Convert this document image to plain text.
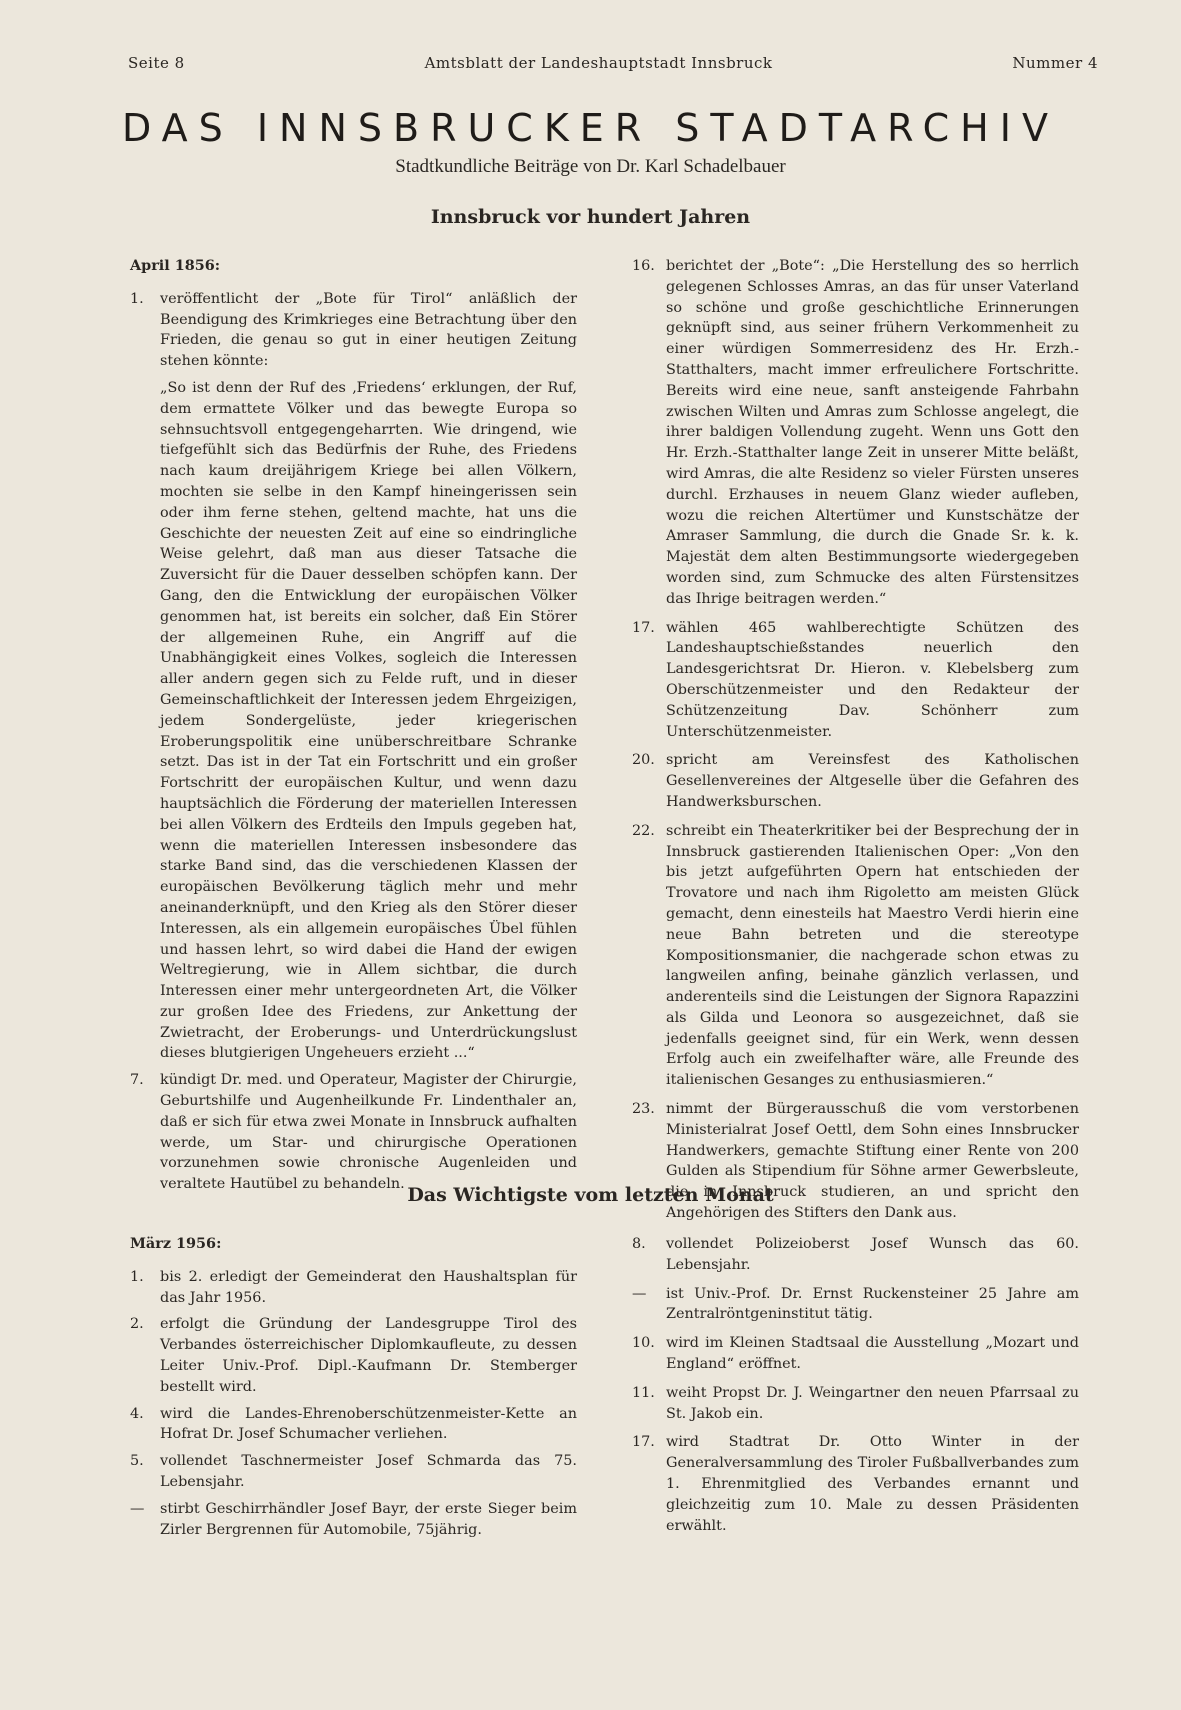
Seite 8	Amtsblatt der Landeshauptstadt Innsbruck	Nummer 4
DAS INNSBRUCKER STADTARCHIV
Stadtkundliche Beiträge von Dr. Karl Schadelbauer
Innsbruck vor hundert Jahren
April 1856:
1.	veröffentlicht der „Bote für Tirol“ anläßlich der Beendigung des Krimkrieges eine Betrachtung über den Frieden, die genau so gut in einer heutigen Zeitung stehen könnte:
„So ist denn der Ruf des ‚Friedens‘ erklungen, der Ruf, dem ermattete Völker und das bewegte Europa so sehnsuchtsvoll entgegengeharrten. Wie dringend, wie tiefgefühlt sich das Bedürfnis der Ruhe, des Friedens nach kaum dreijährigem Kriege bei allen Völkern, mochten sie selbe in den Kampf hineingerissen sein oder ihm ferne stehen, geltend machte, hat uns die Geschichte der neuesten Zeit auf eine so eindringliche Weise gelehrt, daß man aus dieser Tatsache die Zuversicht für die Dauer desselben schöpfen kann. Der Gang, den die Entwicklung der europäischen Völker genommen hat, ist bereits ein solcher, daß Ein Störer der allgemeinen Ruhe, ein Angriff auf die Unabhängigkeit eines Volkes, sogleich die Interessen aller andern gegen sich zu Felde ruft, und in dieser Gemeinschaftlichkeit der Interessen jedem Ehrgeizigen, jedem Sondergelüste, jeder kriegerischen Eroberungspolitik eine unüberschreitbare Schranke setzt. Das ist in der Tat ein Fortschritt und ein großer Fortschritt der europäischen Kultur, und wenn dazu hauptsächlich die Förderung der materiellen Interessen bei allen Völkern des Erdteils den Impuls gegeben hat, wenn die materiellen Interessen insbesondere das starke Band sind, das die verschiedenen Klassen der europäischen Bevölkerung täglich mehr und mehr aneinanderknüpft, und den Krieg als den Störer dieser Interessen, als ein allgemein europäisches Übel fühlen und hassen lehrt, so wird dabei die Hand der ewigen Weltregierung, wie in Allem sichtbar, die durch Interessen einer mehr untergeordneten Art, die Völker zur großen Idee des Friedens, zur Ankettung der Zwietracht, der Eroberungs- und Unterdrückungslust dieses blutgierigen Ungeheuers erzieht ...“
7.	kündigt Dr. med. und Operateur, Magister der Chirurgie, Geburtshilfe und Augenheilkunde Fr. Lindenthaler an, daß er sich für etwa zwei Monate in Innsbruck aufhalten werde, um Star- und chirurgische Operationen vorzunehmen sowie chronische Augenleiden und veraltete Hautübel zu behandeln.
16. berichtet der „Bote“: „Die Herstellung des so herrlich gelegenen Schlosses Amras, an das für unser Vaterland so schöne und große geschichtliche Erinnerungen geknüpft sind, aus seiner frühern Verkommenheit zu einer würdigen Sommerresidenz des Hr. Erzh.-Statthalters, macht immer erfreulichere Fortschritte. Bereits wird eine neue, sanft ansteigende Fahrbahn zwischen Wilten und Amras zum Schlosse angelegt, die ihrer baldigen Vollendung zugeht. Wenn uns Gott den Hr. Erzh.-Statthalter lange Zeit in unserer Mitte beläßt, wird Amras, die alte Residenz so vieler Fürsten unseres durchl. Erzhauses in neuem Glanz wieder aufleben, wozu die reichen Altertümer und Kunstschätze der Amraser Sammlung, die durch die Gnade Sr. k. k. Majestät dem alten Bestimmungsorte wiedergegeben worden sind, zum Schmucke des alten Fürstensitzes das Ihrige beitragen werden.“
17. wählen 465 wahlberechtigte Schützen des Landeshauptschießstandes neuerlich den Landesgerichtsrat Dr. Hieron. v. Klebelsberg zum Oberschützenmeister und den Redakteur der Schützenzeitung Dav. Schönherr zum Unterschützenmeister.
20. spricht am Vereinsfest des Katholischen Gesellenvereines der Altgeselle über die Gefahren des Handwerksburschen.
22. schreibt ein Theaterkritiker bei der Besprechung der in Innsbruck gastierenden Italienischen Oper: „Von den bis jetzt aufgeführten Opern hat entschieden der Trovatore und nach ihm Rigoletto am meisten Glück gemacht, denn einesteils hat Maestro Verdi hierin eine neue Bahn betreten und die stereotype Kompositionsmanier, die nachgerade schon etwas zu langweilen anfing, beinahe gänzlich verlassen, und anderenteils sind die Leistungen der Signora Rapazzini als Gilda und Leonora so ausgezeichnet, daß sie jedenfalls geeignet sind, für ein Werk, wenn dessen Erfolg auch ein zweifelhafter wäre, alle Freunde des italienischen Gesanges zu enthusiasmieren.“
23. nimmt der Bürgerausschuß die vom verstorbenen Ministerialrat Josef Oettl, dem Sohn eines Innsbrucker Handwerkers, gemachte Stiftung einer Rente von 200 Gulden als Stipendium für Söhne armer Gewerbsleute, die in Innsbruck studieren, an und spricht den Angehörigen des Stifters den Dank aus.
Das Wichtigste vom letzten Monat
März 1956:
1.	bis 2. erledigt der Gemeinderat den Haushaltsplan für das Jahr 1956.
2.	erfolgt die Gründung der Landesgruppe Tirol des Verbandes österreichischer Diplomkaufleute, zu dessen Leiter Univ.-Prof. Dipl.-Kaufmann Dr. Stemberger bestellt wird.
4.	wird die Landes-Ehrenoberschützenmeister-Kette an Hofrat Dr. Josef Schumacher verliehen.
5.	vollendet Taschnermeister Josef Schmarda das 75. Lebensjahr.
—	stirbt Geschirrhändler Josef Bayr, der erste Sieger beim Zirler Bergrennen für Automobile, 75jährig.
8.	vollendet Polizeioberst Josef Wunsch das 60. Lebensjahr.
—	ist Univ.-Prof. Dr. Ernst Ruckensteiner 25 Jahre am Zentralröntgeninstitut tätig.
10. wird im Kleinen Stadtsaal die Ausstellung „Mozart und England“ eröffnet.
11. weiht Propst Dr. J. Weingartner den neuen Pfarrsaal zu St. Jakob ein.
17. wird Stadtrat Dr. Otto Winter in der Generalversammlung des Tiroler Fußballverbandes zum 1. Ehrenmitglied des Verbandes ernannt und gleichzeitig zum 10. Male zu dessen Präsidenten erwählt.
